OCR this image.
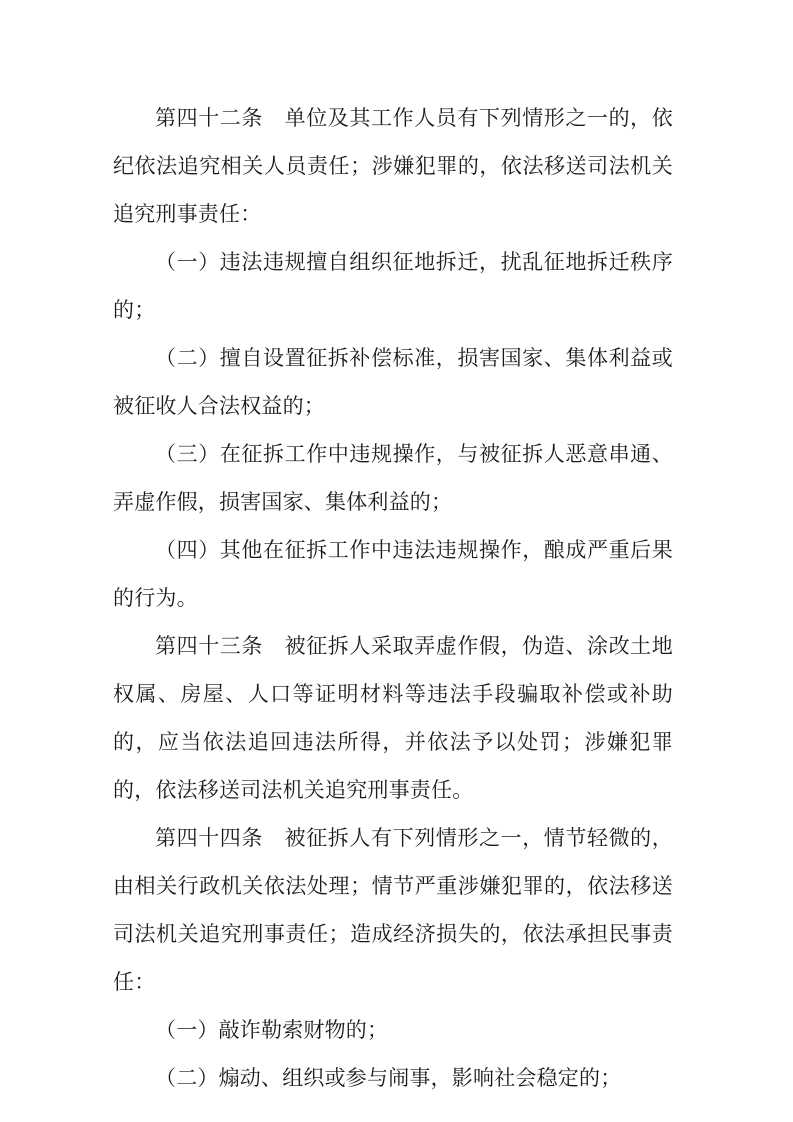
第四十二条　单位及其工作人员有下列情形之一的，依纪依法追究相关人员责任；涉嫌犯罪的，依法移送司法机关追究刑事责任：

（一）违法违规擅自组织征地拆迁，扰乱征地拆迁秩序的；

（二）擅自设置征拆补偿标准，损害国家、集体利益或被征收人合法权益的；

（三）在征拆工作中违规操作，与被征拆人恶意串通、弄虚作假，损害国家、集体利益的；

（四）其他在征拆工作中违法违规操作，酿成严重后果的行为。

第四十三条　被征拆人采取弄虚作假，伪造、涂改土地权属、房屋、人口等证明材料等违法手段骗取补偿或补助的，应当依法追回违法所得，并依法予以处罚；涉嫌犯罪的，依法移送司法机关追究刑事责任。

第四十四条　被征拆人有下列情形之一，情节轻微的，由相关行政机关依法处理；情节严重涉嫌犯罪的，依法移送司法机关追究刑事责任；造成经济损失的，依法承担民事责任：

（一）敲诈勒索财物的；

（二）煽动、组织或参与闹事，影响社会稳定的；
